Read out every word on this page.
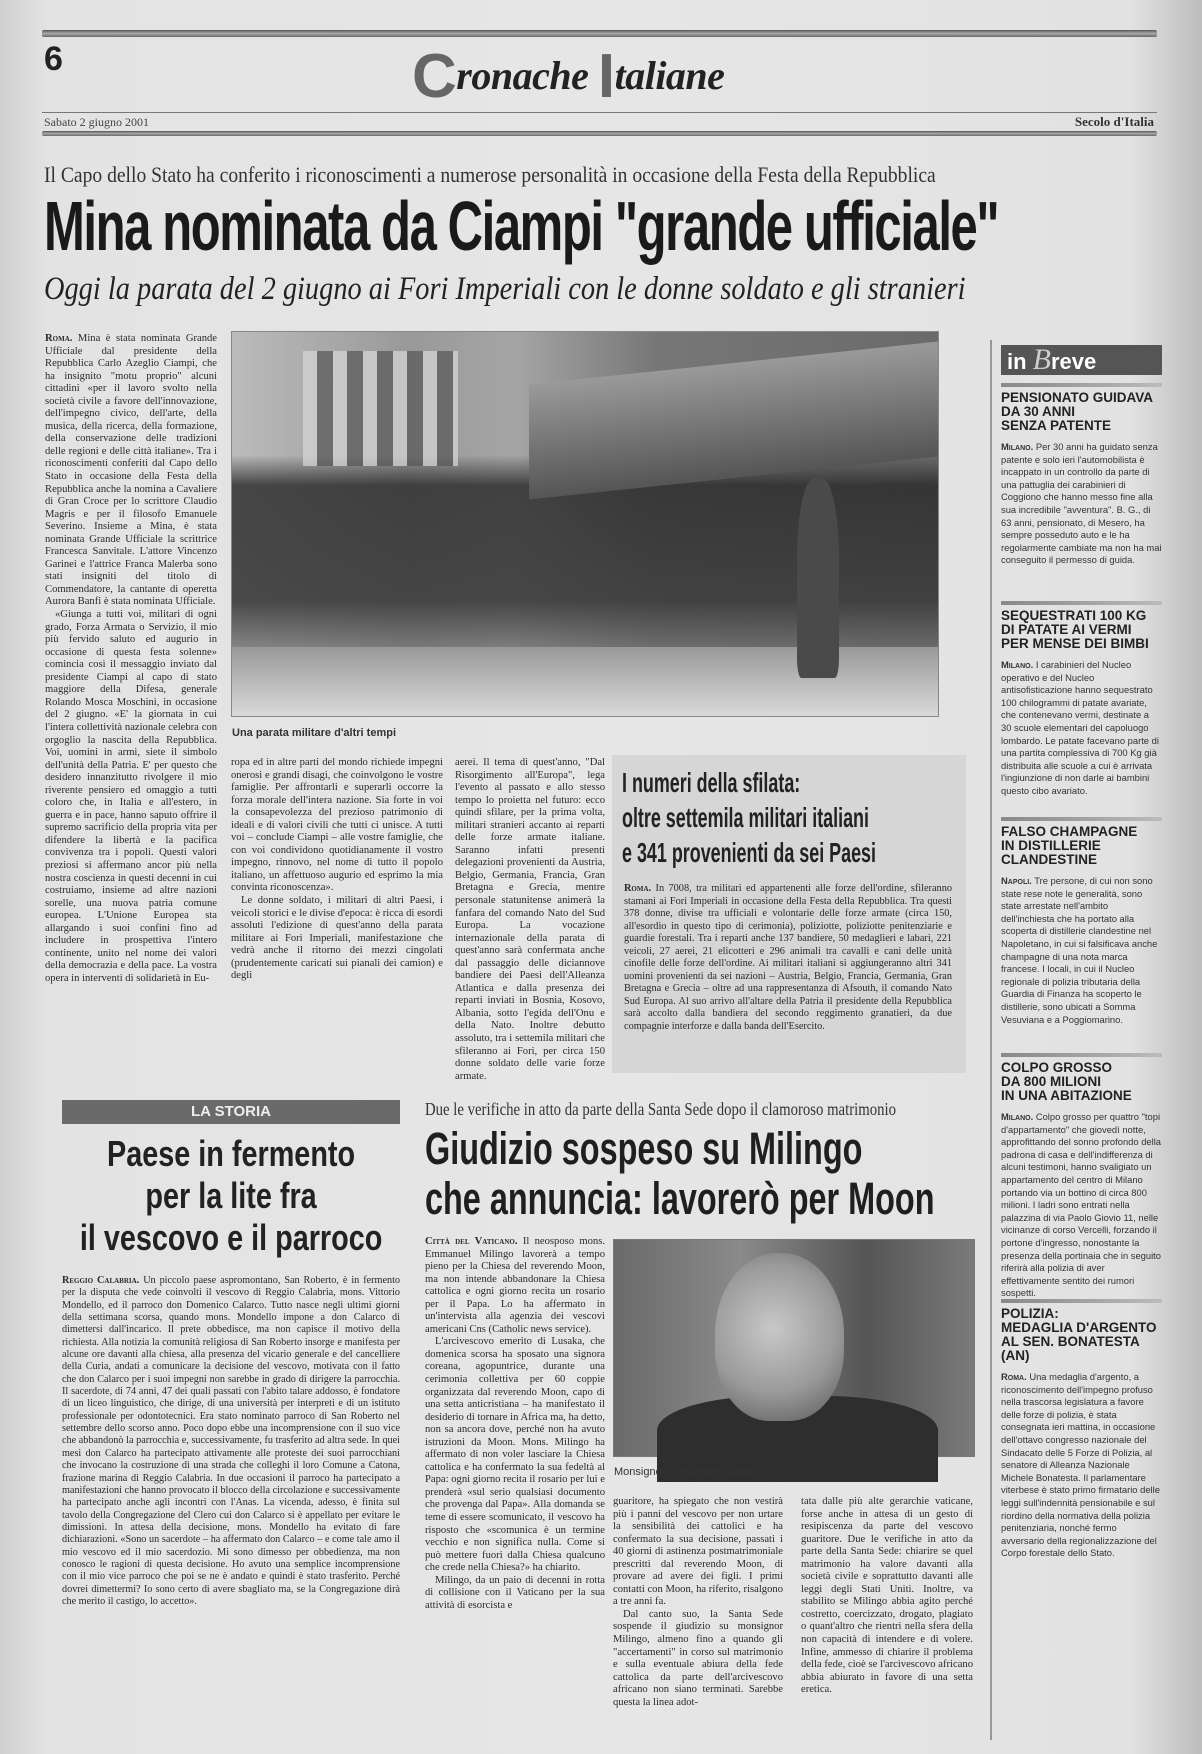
6	Cronache Italiane
Sabato 2 giugno 2001	Secolo d'Italia
Il Capo dello Stato ha conferito i riconoscimenti a numerose personalità in occasione della Festa della Repubblica
Mina nominata da Ciampi "grande ufficiale"
Oggi la parata del 2 giugno ai Fori Imperiali con le donne soldato e gli stranieri

Roma. Mina è stata nominata Grande Ufficiale dal presidente della Repubblica Carlo Azeglio Ciampi, che ha insignito "motu proprio" alcuni cittadini «per il lavoro svolto nella società civile a favore dell'innovazione, dell'impegno civico, dell'arte, della musica, della ricerca, della formazione, della conservazione delle tradizioni delle regioni e delle città italiane». Tra i riconoscimenti conferiti dal Capo dello Stato in occasione della Festa della Repubblica anche la nomina a Cavaliere di Gran Croce per lo scrittore Claudio Magris e per il filosofo Emanuele Severino. Insieme a Mina, è stata nominata Grande Ufficiale la scrittrice Francesca Sanvitale. L'attore Vincenzo Garinei e l'attrice Franca Malerba sono stati insigniti del titolo di Commendatore, la cantante di operetta Aurora Banfi è stata nominata Ufficiale.

«Giunga a tutti voi, militari di ogni grado, Forza Armata o Servizio, il mio più fervido saluto ed augurio in occasione di questa festa solenne» comincia così il messaggio inviato dal presidente Ciampi al capo di stato maggiore della Difesa, generale Rolando Mosca Moschini, in occasione del 2 giugno. «E' la giornata in cui l'intera collettività nazionale celebra con orgoglio la nascita della Repubblica. Voi, uomini in armi, siete il simbolo dell'unità della Patria. E' per questo che desidero innanzitutto rivolgere il mio riverente pensiero ed omaggio a tutti coloro che, in Italia e all'estero, in guerra e in pace, hanno saputo offrire il supremo sacrificio della propria vita per difendere la libertà e la pacifica convivenza tra i popoli. Questi valori preziosi si affermano ancor più nella nostra coscienza in questi decenni in cui costruiamo, insieme ad altre nazioni sorelle, una nuova patria comune europea. L'Unione Europea sta allargando i suoi confini fino ad includere in prospettiva l'intero continente, unito nel nome dei valori della democrazia e della pace. La vostra opera in interventi di solidarietà in Eu-

Una parata militare d'altri tempi

ropa ed in altre parti del mondo richiede impegni onerosi e grandi disagi, che coinvolgono le vostre famiglie. Per affrontarli e superarli occorre la forza morale dell'intera nazione. Sia forte in voi la consapevolezza del prezioso patrimonio di ideali e di valori civili che tutti ci unisce. A tutti voi – conclude Ciampi – alle vostre famiglie, che con voi condividono quotidianamente il vostro impegno, rinnovo, nel nome di tutto il popolo italiano, un affettuoso augurio ed esprimo la mia convinta riconoscenza».

Le donne soldato, i militari di altri Paesi, i veicoli storici e le divise d'epoca: è ricca di esordi assoluti l'edizione di quest'anno della parata militare ai Fori Imperiali, manifestazione che vedrà anche il ritorno dei mezzi cingolati (prudentemente caricati sui pianali dei camion) e degli

aerei. Il tema di quest'anno, "Dal Risorgimento all'Europa", lega l'evento al passato e allo stesso tempo lo proietta nel futuro: ecco quindi sfilare, per la prima volta, militari stranieri accanto ai reparti delle forze armate italiane. Saranno infatti presenti delegazioni provenienti da Austria, Belgio, Germania, Francia, Gran Bretagna e Grecia, mentre personale statunitense animerà la fanfara del comando Nato del Sud Europa. La vocazione internazionale della parata di quest'anno sarà confermata anche dal passaggio delle diciannove bandiere dei Paesi dell'Alleanza Atlantica e dalla presenza dei reparti inviati in Bosnia, Kosovo, Albania, sotto l'egida dell'Onu e della Nato. Inoltre debutto assoluto, tra i settemila militari che sfileranno ai Fori, per circa 150 donne soldato delle varie forze armate.

I numeri della sfilata:
oltre settemila militari italiani
e 341 provenienti da sei Paesi

Roma. In 7008, tra militari ed appartenenti alle forze dell'ordine, sfileranno stamani ai Fori Imperiali in occasione della Festa della Repubblica. Tra questi 378 donne, divise tra ufficiali e volontarie delle forze armate (circa 150, all'esordio in questo tipo di cerimonia), poliziotte, poliziotte penitenziarie e guardie forestali. Tra i reparti anche 137 bandiere, 50 medaglieri e labari, 221 veicoli, 27 aerei, 21 elicotteri e 296 animali tra cavalli e cani delle unità cinofile delle forze dell'ordine. Ai militari italiani si aggiungeranno altri 341 uomini provenienti da sei nazioni – Austria, Belgio, Francia, Germania, Gran Bretagna e Grecia – oltre ad una rappresentanza di Afsouth, il comando Nato Sud Europa. Al suo arrivo all'altare della Patria il presidente della Repubblica sarà accolto dalla bandiera del secondo reggimento granatieri, da due compagnie interforze e dalla banda dell'Esercito.

in Breve
PENSIONATO GUIDAVA
DA 30 ANNI
SENZA PATENTE
Milano. Per 30 anni ha guidato senza patente e solo ieri l'automobilista è incappato in un controllo da parte di una pattuglia dei carabinieri di Coggiono che hanno messo fine alla sua incredibile "avventura". B. G., di 63 anni, pensionato, di Mesero, ha sempre posseduto auto e le ha regolarmente cambiate ma non ha mai conseguito il permesso di guida.
SEQUESTRATI 100 KG
DI PATATE AI VERMI
PER MENSE DEI BIMBI
Milano. I carabinieri del Nucleo operativo e del Nucleo antisofisticazione hanno sequestrato 100 chilogrammi di patate avariate, che contenevano vermi, destinate a 30 scuole elementari del capoluogo lombardo. Le patate facevano parte di una partita complessiva di 700 Kg già distribuita alle scuole a cui è arrivata l'ingiunzione di non darle ai bambini questo cibo avariato.
FALSO CHAMPAGNE
IN DISTILLERIE
CLANDESTINE
Napoli. Tre persone, di cui non sono state rese note le generalità, sono state arrestate nell'ambito dell'inchiesta che ha portato alla scoperta di distillerie clandestine nel Napoletano, in cui si falsificava anche champagne di una nota marca francese. I locali, in cui il Nucleo regionale di polizia tributaria della Guardia di Finanza ha scoperto le distillerie, sono ubicati a Somma Vesuviana e a Poggiomarino.
COLPO GROSSO
DA 800 MILIONI
IN UNA ABITAZIONE
Milano. Colpo grosso per quattro "topi d'appartamento" che giovedì notte, approfittando del sonno profondo della padrona di casa e dell'indifferenza di alcuni testimoni, hanno svaligiato un appartamento del centro di Milano portando via un bottino di circa 800 milioni. I ladri sono entrati nella palazzina di via Paolo Giovio 11, nelle vicinanze di corso Vercelli, forzando il portone d'ingresso, nonostante la presenza della portinaia che in seguito riferirà alla polizia di aver effettivamente sentito dei rumori sospetti.
POLIZIA:
MEDAGLIA D'ARGENTO
AL SEN. BONATESTA (AN)
Roma. Una medaglia d'argento, a riconoscimento dell'impegno profuso nella trascorsa legislatura a favore delle forze di polizia, è stata consegnata ieri mattina, in occasione dell'ottavo congresso nazionale del Sindacato delle 5 Forze di Polizia, al senatore di Alleanza Nazionale Michele Bonatesta. Il parlamentare viterbese è stato primo firmatario delle leggi sull'indennità pensionabile e sul riordino della normativa della polizia penitenziaria, nonché fermo avversario della regionalizzazione del Corpo forestale dello Stato.
LA STORIA
Paese in fermento
per la lite fra
il vescovo e il parroco

Reggio Calabria. Un piccolo paese aspromontano, San Roberto, è in fermento per la disputa che vede coinvolti il vescovo di Reggio Calabria, mons. Vittorio Mondello, ed il parroco don Domenico Calarco. Tutto nasce negli ultimi giorni della settimana scorsa, quando mons. Mondello impone a don Calarco di dimettersi dall'incarico. Il prete obbedisce, ma non capisce il motivo della richiesta. Alla notizia la comunità religiosa di San Roberto insorge e manifesta per alcune ore davanti alla chiesa, alla presenza del vicario generale e del cancelliere della Curia, andati a comunicare la decisione del vescovo, motivata con il fatto che don Calarco per i suoi impegni non sarebbe in grado di dirigere la parrocchia. Il sacerdote, di 74 anni, 47 dei quali passati con l'abito talare addosso, è fondatore di un liceo linguistico, che dirige, di una università per interpreti e di un istituto professionale per odontotecnici. Era stato nominato parroco di San Roberto nel settembre dello scorso anno. Poco dopo ebbe una incomprensione con il suo vice che abbandonò la parrocchia e, successivamente, fu trasferito ad altra sede. In quei mesi don Calarco ha partecipato attivamente alle proteste dei suoi parrocchiani che invocano la costruzione di una strada che colleghi il loro Comune a Catona, frazione marina di Reggio Calabria. In due occasioni il parroco ha partecipato a manifestazioni che hanno provocato il blocco della circolazione e successivamente ha partecipato anche agli incontri con l'Anas. La vicenda, adesso, è finita sul tavolo della Congregazione del Clero cui don Calarco si è appellato per evitare le dimissioni. In attesa della decisione, mons. Mondello ha evitato di fare dichiarazioni. «Sono un sacerdote – ha affermato don Calarco – e come tale amo il mio vescovo ed il mio sacerdozio. Mi sono dimesso per obbedienza, ma non conosco le ragioni di questa decisione. Ho avuto una semplice incomprensione con il mio vice parroco che poi se ne è andato e quindi è stato trasferito. Perché dovrei dimettermi? Io sono certo di avere sbagliato ma, se la Congregazione dirà che merito il castigo, lo accetto».

Due le verifiche in atto da parte della Santa Sede dopo il clamoroso matrimonio
Giudizio sospeso su Milingo
che annuncia: lavorerò per Moon

Città del Vaticano. Il neosposo mons. Emmanuel Milingo lavorerà a tempo pieno per la Chiesa del reverendo Moon, ma non intende abbandonare la Chiesa cattolica e ogni giorno recita un rosario per il Papa. Lo ha affermato in un'intervista alla agenzia dei vescovi americani Cns (Catholic news service).

L'arcivescovo emerito di Lusaka, che domenica scorsa ha sposato una signora coreana, agopuntrice, durante una cerimonia collettiva per 60 coppie organizzata dal reverendo Moon, capo di una setta anticristiana – ha manifestato il desiderio di tornare in Africa ma, ha detto, non sa ancora dove, perché non ha avuto istruzioni da Moon. Mons. Milingo ha affermato di non voler lasciare la Chiesa cattolica e ha confermato la sua fedeltà al Papa: ogni giorno recita il rosario per lui e prenderà «sul serio qualsiasi documento che provenga dal Papa». Alla domanda se teme di essere scomunicato, il vescovo ha risposto che «scomunica è un termine vecchio e non significa nulla. Come si può mettere fuori dalla Chiesa qualcuno che crede nella Chiesa?» ha chiarito.

Milingo, da un paio di decenni in rotta di collisione con il Vaticano per la sua attività di esorcista e

Monsignor Emmanuel Milingo

guaritore, ha spiegato che non vestirà più i panni del vescovo per non urtare la sensibilità dei cattolici e ha confermato la sua decisione, passati i 40 giorni di astinenza postmatrimoniale prescritti dal reverendo Moon, di provare ad avere dei figli. I primi contatti con Moon, ha riferito, risalgono a tre anni fa.

Dal canto suo, la Santa Sede sospende il giudizio su monsignor Milingo, almeno fino a quando gli "accertamenti" in corso sul matrimonio e sulla eventuale abiura della fede cattolica da parte dell'arcivescovo africano non siano terminati. Sarebbe questa la linea adot-

tata dalle più alte gerarchie vaticane, forse anche in attesa di un gesto di resipiscenza da parte del vescovo guaritore. Due le verifiche in atto da parte della Santa Sede: chiarire se quel matrimonio ha valore davanti alla società civile e soprattutto davanti alle leggi degli Stati Uniti. Inoltre, va stabilito se Milingo abbia agito perché costretto, coercizzato, drogato, plagiato o quant'altro che rientri nella sfera della non capacità di intendere e di volere. Infine, ammesso di chiarire il problema della fede, cioè se l'arcivescovo africano abbia abiurato in favore di una setta eretica.
